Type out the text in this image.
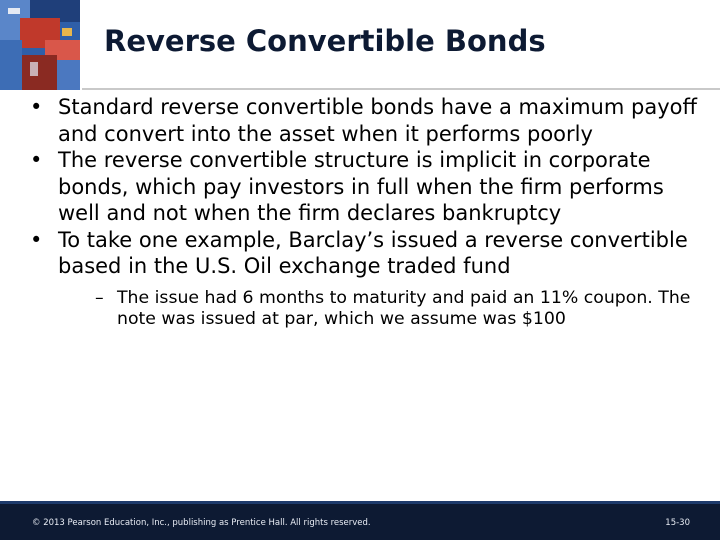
Reverse Convertible Bonds
• Standard reverse convertible bonds have a maximum payoff and convert into the asset when it performs poorly
• The reverse convertible structure is implicit in corporate bonds, which pay investors in full when the firm performs well and not when the firm declares bankruptcy
• To take one example, Barclay’s issued a reverse convertible based in the U.S. Oil exchange traded fund
– The issue had 6 months to maturity and paid an 11% coupon. The note was issued at par, which we assume was $100
© 2013 Pearson Education, Inc., publishing as Prentice Hall. All rights reserved.	15-30
